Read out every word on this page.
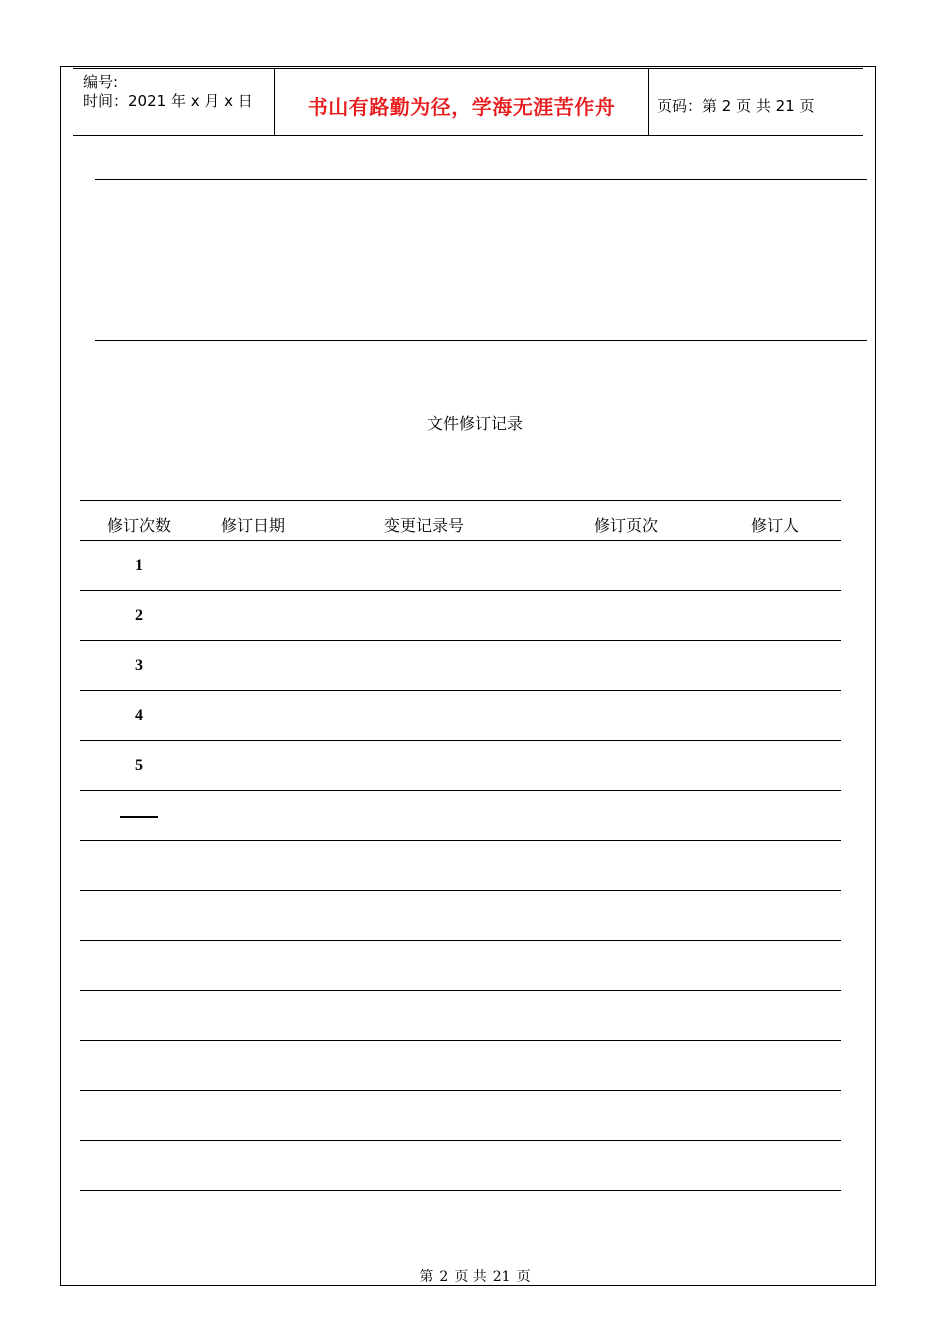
编号:
时间：2021 年 x 月 x 日	书山有路勤为径，学海无涯苦作舟	页码：第 2 页 共 21 页
文件修订记录
修订次数	修订日期	变更记录号	修订页次	修订人
1
2
3
4
5
第 2 页 共 21 页
